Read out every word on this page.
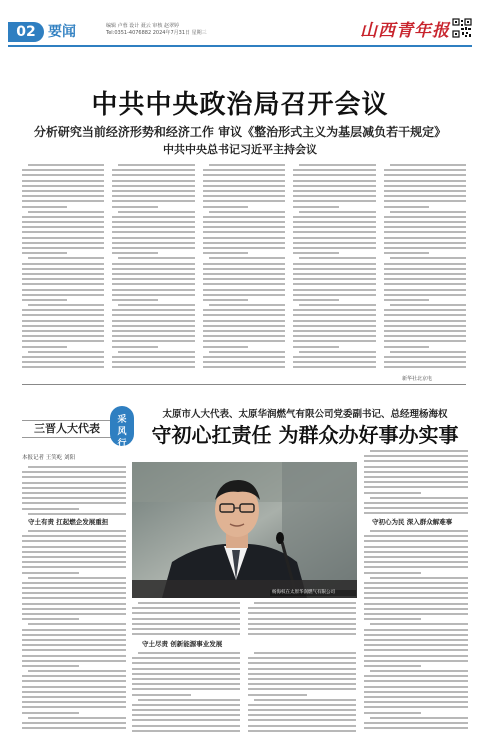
02 要闻	编辑 卢蓉 设计 聂云 审核 赵翠婷
Tel:0351-4076882 2024年7月31日 星期三	山西青年报
中共中央政治局召开会议
分析研究当前经济形势和经济工作 审议《整治形式主义为基层减负若干规定》
中共中央总书记习近平主持会议
新华社北京电
三晋人大代表
采
风
行
太原市人大代表、太原华润燃气有限公司党委副书记、总经理杨海权
守初心扛责任 为群众办好事办实事
本报记者 王笑屹 刘阳
守土有责 扛起燃企发展重担
杨海权在太原华润燃气有限公司
守土尽责 创新能源事业发展
守初心为民 深入群众解难事
